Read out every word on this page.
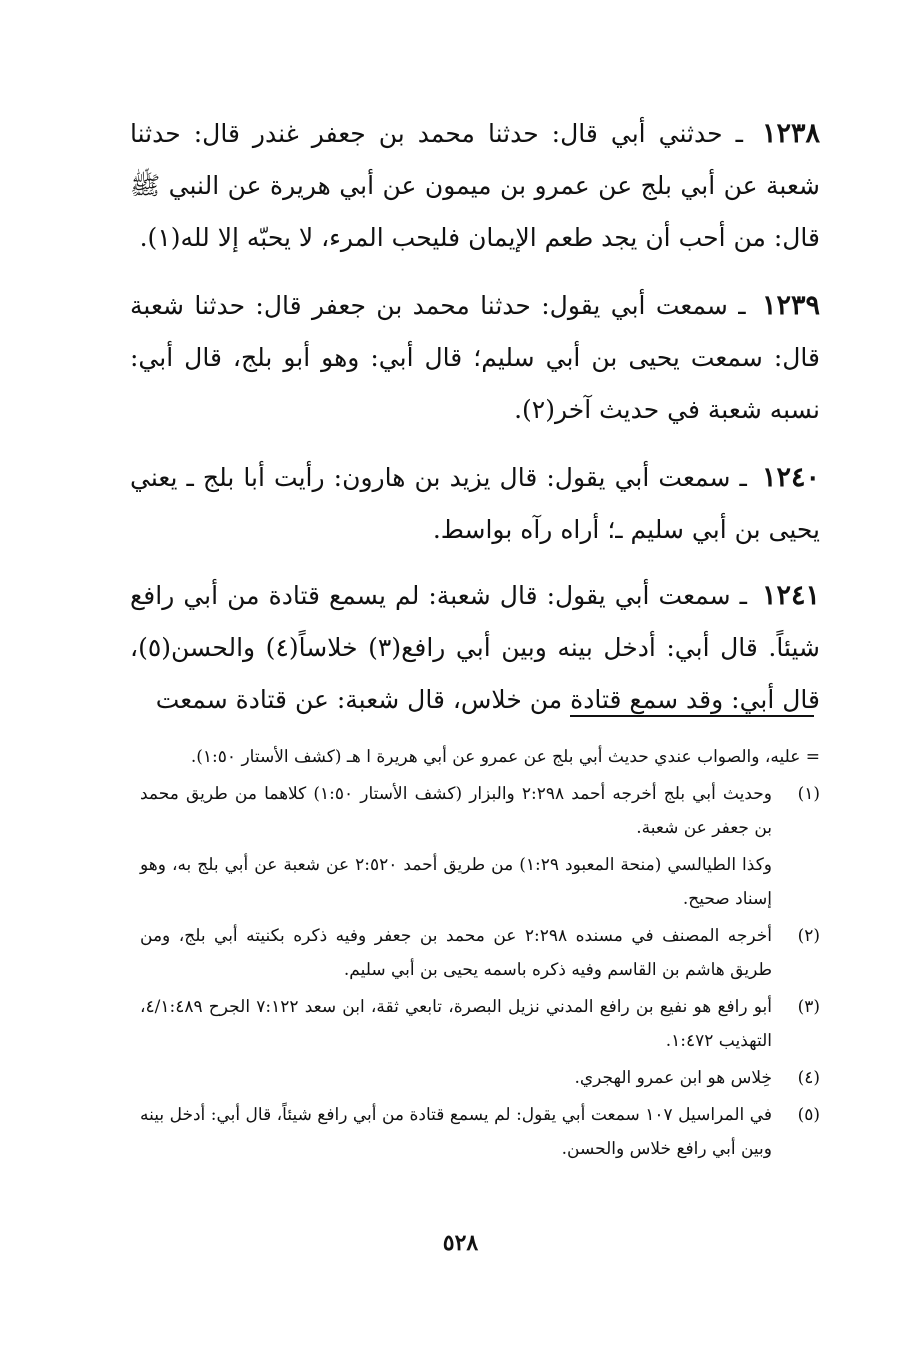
١٢٣٨ ـ حدثني أبي قال: حدثنا محمد بن جعفر غندر قال: حدثنا شعبة عن أبي بلج عن عمرو بن ميمون عن أبي هريرة عن النبي ﷺ قال: من أحب أن يجد طعم الإيمان فليحب المرء، لا يحبّه إلا لله(١).

١٢٣٩ ـ سمعت أبي يقول: حدثنا محمد بن جعفر قال: حدثنا شعبة قال: سمعت يحيى بن أبي سليم؛ قال أبي: وهو أبو بلج، قال أبي: نسبه شعبة في حديث آخر(٢).

١٢٤٠ ـ سمعت أبي يقول: قال يزيد بن هارون: رأيت أبا بلج ـ يعني يحيى بن أبي سليم ـ؛ أراه رآه بواسط.

١٢٤١ ـ سمعت أبي يقول: قال شعبة: لم يسمع قتادة من أبي رافع شيئاً. قال أبي: أدخل بينه وبين أبي رافع(٣) خلاساً(٤) والحسن(٥)، قال أبي: وقد سمع قتادة من خلاس، قال شعبة: عن قتادة سمعت

= عليه، والصواب عندي حديث أبي بلج عن عمرو عن أبي هريرة ا هـ (كشف الأستار ١:٥٠).

(١)
وحديث أبي بلج أخرجه أحمد ٢:٢٩٨ والبزار (كشف الأستار ١:٥٠) كلاهما من طريق محمد بن جعفر عن شعبة.

وكذا الطيالسي (منحة المعبود ١:٢٩) من طريق أحمد ٢:٥٢٠ عن شعبة عن أبي بلج به، وهو إسناد صحيح.

(٢)
أخرجه المصنف في مسنده ٢:٢٩٨ عن محمد بن جعفر وفيه ذكره بكنيته أبي بلج، ومن طريق هاشم بن القاسم وفيه ذكره باسمه يحيى بن أبي سليم.

(٣)
أبو رافع هو نفيع بن رافع المدني نزيل البصرة، تابعي ثقة، ابن سعد ٧:١٢٢ الجرح ٤/١:٤٨٩، التهذيب ١:٤٧٢.

(٤)
خِلاس هو ابن عمرو الهجري.

(٥)
في المراسيل ١٠٧ سمعت أبي يقول: لم يسمع قتادة من أبي رافع شيئاً، قال أبي: أدخل بينه وبين أبي رافع خلاس والحسن.

٥٢٨
